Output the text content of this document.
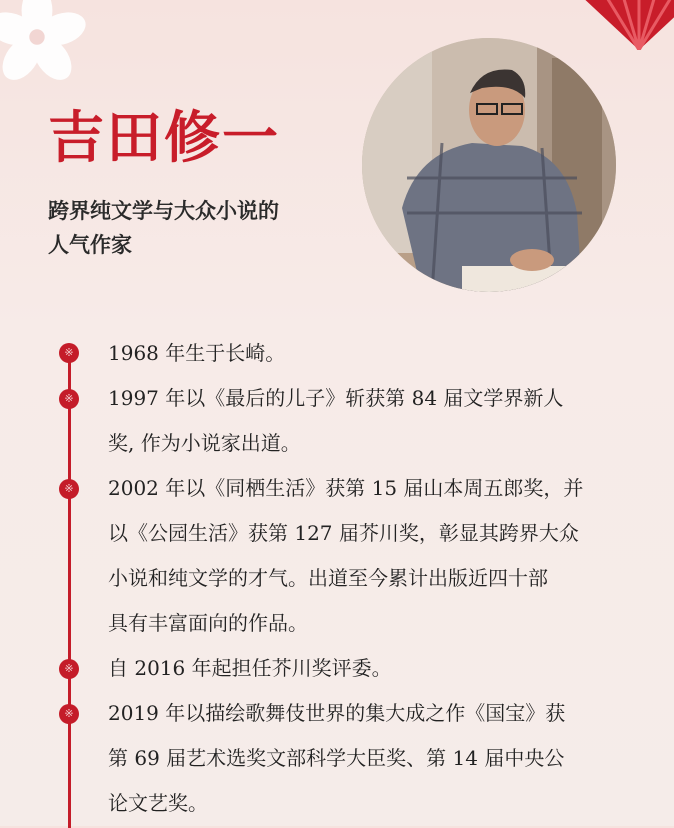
吉田修一
跨界纯文学与大众小说的
人气作家
※ 1968 年生于长崎。

※ 1997 年以《最后的儿子》斩获第 84 届文学界新人

奖, 作为小说家出道。

※ 2002 年以《同栖生活》获第 15 届山本周五郎奖，并

以《公园生活》获第 127 届芥川奖，彰显其跨界大众

小说和纯文学的才气。出道至今累计出版近四十部

具有丰富面向的作品。

※ 自 2016 年起担任芥川奖评委。

※ 2019 年以描绘歌舞伎世界的集大成之作《国宝》获

第 69 届艺术选奖文部科学大臣奖、第 14 届中央公

论文艺奖。
